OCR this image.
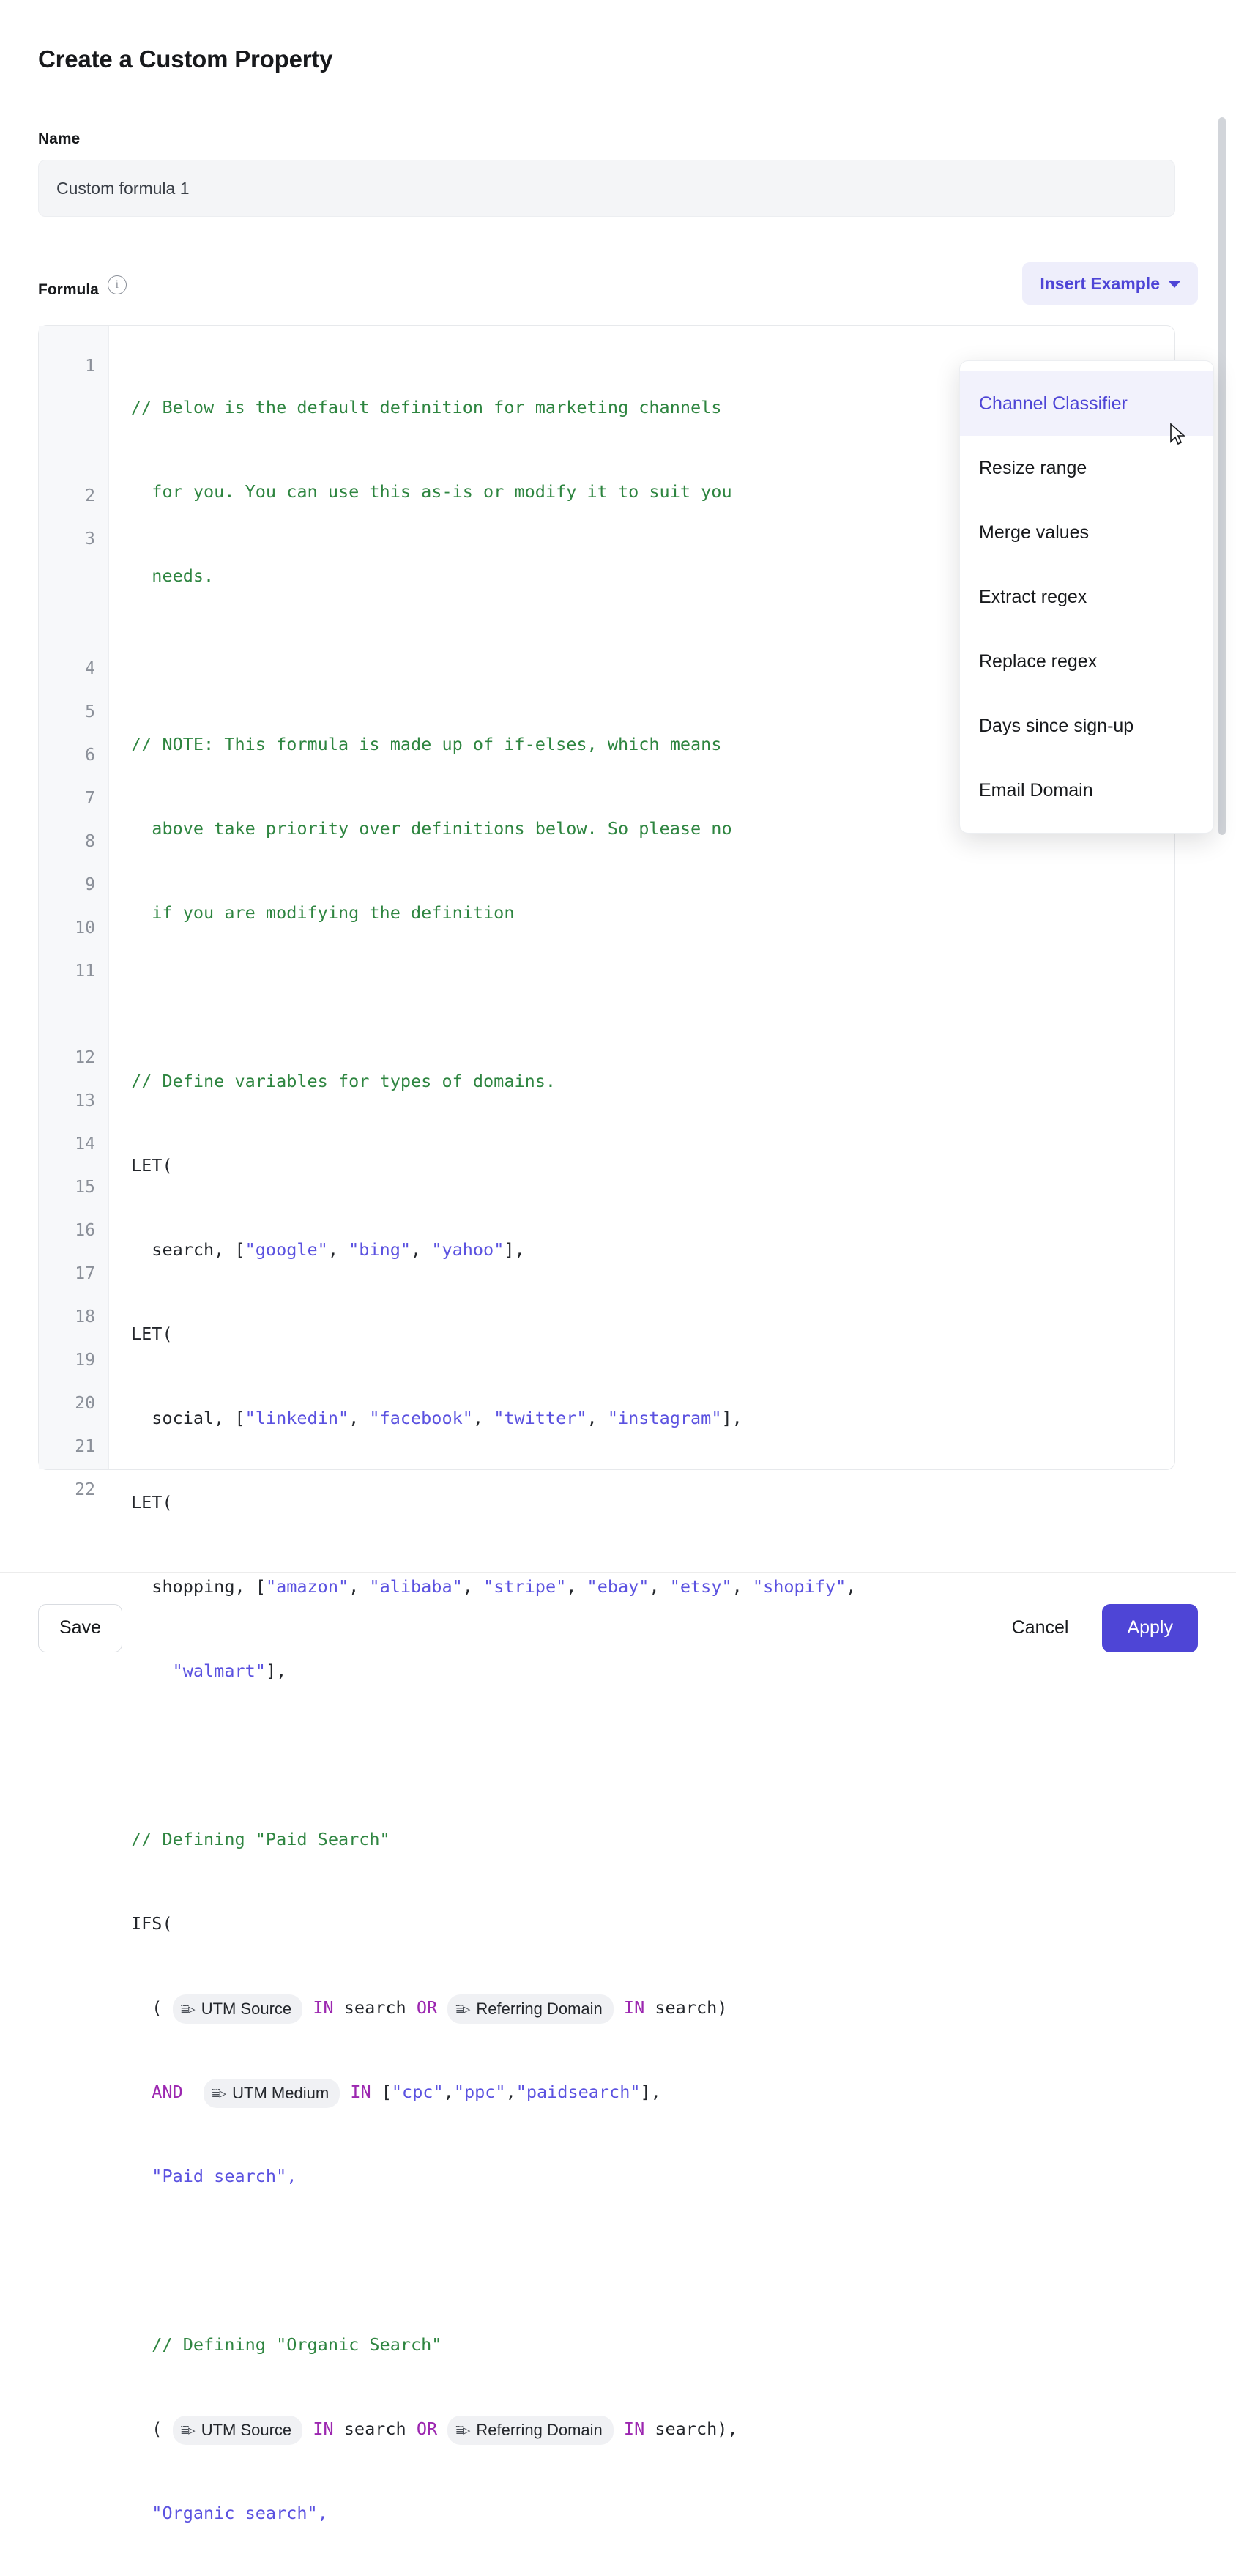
Create a Custom Property
Name
Custom formula 1
Formula	i	Insert Example
1
2
3
4
5
6
7
8
9
10
11
12
13
14
15
16
17
18
19
20
21
22

// Below is the default definition for marketing channels

for you. You can use this as-is or modify it to suit you

needs.

// NOTE: This formula is made up of if-elses, which means

above take priority over definitions below. So please no

if you are modifying the definition

// Define variables for types of domains.

LET(

search, ["google", "bing", "yahoo"],

LET(

social, ["linkedin", "facebook", "twitter", "instagram"],

LET(

shopping, ["amazon", "alibaba", "stripe", "ebay", "etsy", "shopify",

"walmart"],

// Defining "Paid Search"

IFS(

( ⩸▹ UTM Source IN search OR ⩸▹ Referring Domain IN search)

AND ⩸▹ UTM Medium IN ["cpc","ppc","paidsearch"],

"Paid search",

// Defining "Organic Search"

( ⩸▹ UTM Source IN search OR ⩸▹ Referring Domain IN search),

"Organic search",

Channel Classifier
Resize range
Merge values
Extract regex
Replace regex
Days since sign-up
Email Domain
Save	Cancel	Apply
